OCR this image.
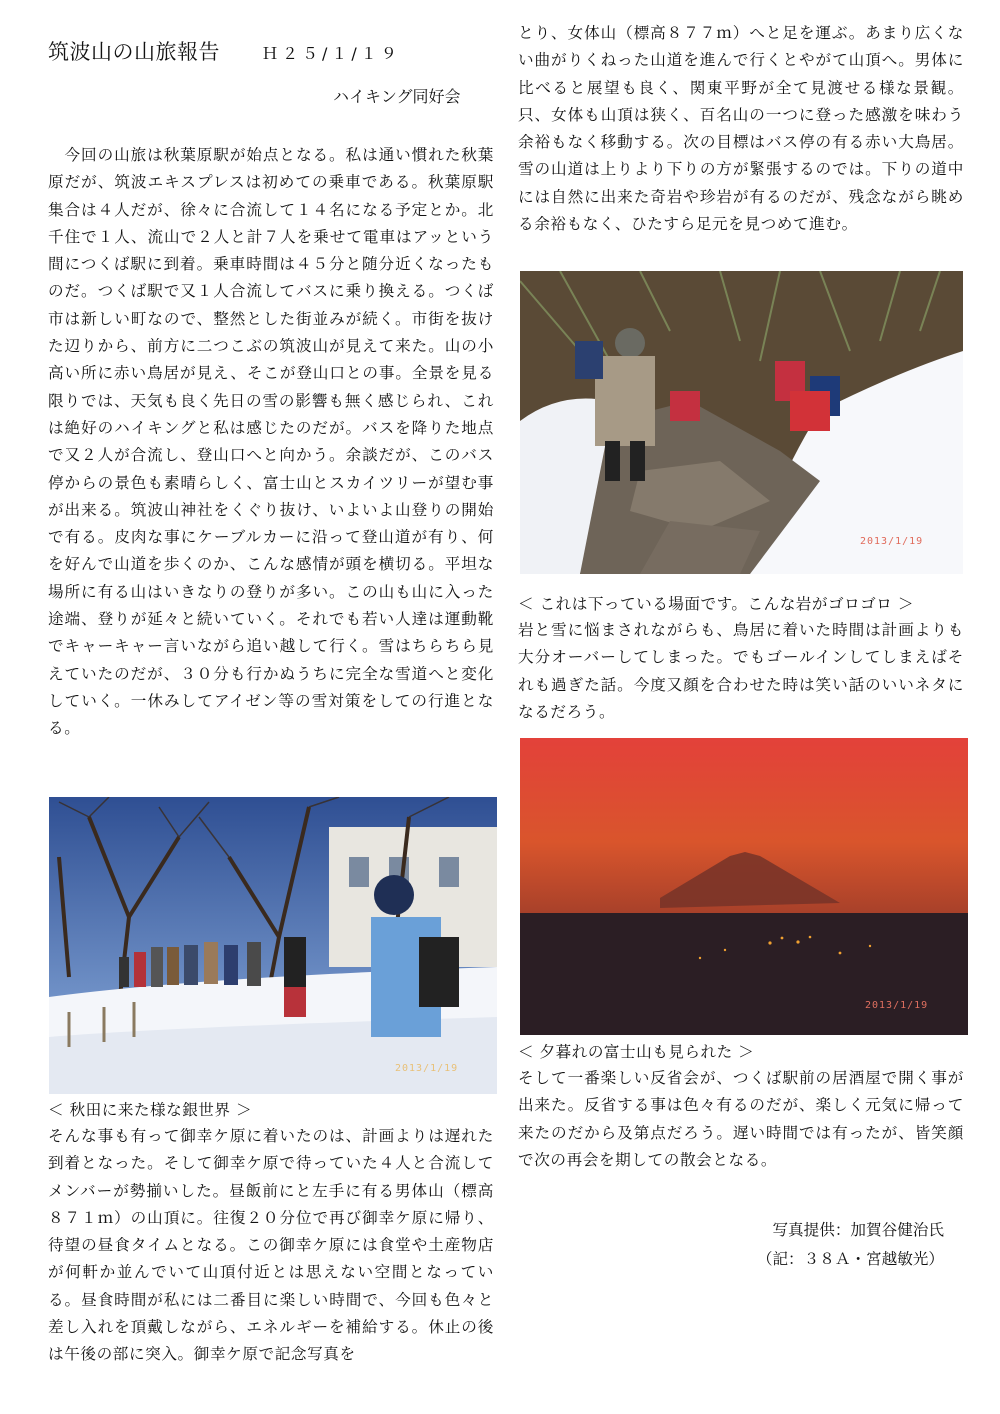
筑波山の山旅報告	Ｈ２５/１/１９
ハイキング同好会

　今回の山旅は秋葉原駅が始点となる。私は通い慣れた秋葉原だが、筑波エキスプレスは初めての乗車である。秋葉原駅集合は４人だが、徐々に合流して１４名になる予定とか。北千住で１人、流山で２人と計７人を乗せて電車はアッという間につくば駅に到着。乗車時間は４５分と随分近くなったものだ。つくば駅で又１人合流してバスに乗り換える。つくば市は新しい町なので、整然とした街並みが続く。市街を抜けた辺りから、前方に二つこぶの筑波山が見えて来た。山の小高い所に赤い鳥居が見え、そこが登山口との事。全景を見る限りでは、天気も良く先日の雪の影響も無く感じられ、これは絶好のハイキングと私は感じたのだが。バスを降りた地点で又２人が合流し、登山口へと向かう。余談だが、このバス停からの景色も素晴らしく、富士山とスカイツリーが望む事が出来る。筑波山神社をくぐり抜け、いよいよ山登りの開始で有る。皮肉な事にケーブルカーに沿って登山道が有り、何を好んで山道を歩くのか、こんな感情が頭を横切る。平坦な場所に有る山はいきなりの登りが多い。この山も山に入った途端、登りが延々と続いていく。それでも若い人達は運動靴でキャーキャー言いながら追い越して行く。雪はちらちら見えていたのだが、３０分も行かぬうちに完全な雪道へと変化していく。一休みしてアイゼン等の雪対策をしての行進となる。

2013/1/19

＜ 秋田に来た様な銀世界 ＞

そんな事も有って御幸ケ原に着いたのは、計画よりは遅れた到着となった。そして御幸ケ原で待っていた４人と合流してメンバーが勢揃いした。昼飯前にと左手に有る男体山（標高８７１ｍ）の山頂に。往復２０分位で再び御幸ケ原に帰り、待望の昼食タイムとなる。この御幸ケ原には食堂や土産物店が何軒か並んでいて山頂付近とは思えない空間となっている。昼食時間が私には二番目に楽しい時間で、今回も色々と差し入れを頂戴しながら、エネルギーを補給する。休止の後は午後の部に突入。御幸ケ原で記念写真を

とり、女体山（標高８７７ｍ）へと足を運ぶ。あまり広くない曲がりくねった山道を進んで行くとやがて山頂へ。男体に比べると展望も良く、関東平野が全て見渡せる様な景観。只、女体も山頂は狭く、百名山の一つに登った感激を味わう余裕もなく移動する。次の目標はバス停の有る赤い大鳥居。雪の山道は上りより下りの方が緊張するのでは。下りの道中には自然に出来た奇岩や珍岩が有るのだが、残念ながら眺める余裕もなく、ひたすら足元を見つめて進む。

2013/1/19

＜ これは下っている場面です。こんな岩がゴロゴロ ＞

岩と雪に悩まされながらも、鳥居に着いた時間は計画よりも大分オーバーしてしまった。でもゴールインしてしまえばそれも過ぎた話。今度又顔を合わせた時は笑い話のいいネタになるだろう。

2013/1/19

＜ 夕暮れの富士山も見られた ＞

そして一番楽しい反省会が、つくば駅前の居酒屋で開く事が出来た。反省する事は色々有るのだが、楽しく元気に帰って来たのだから及第点だろう。遅い時間では有ったが、皆笑顔で次の再会を期しての散会となる。

写真提供：加賀谷健治氏
（記：３８Ａ・宮越敏光）
